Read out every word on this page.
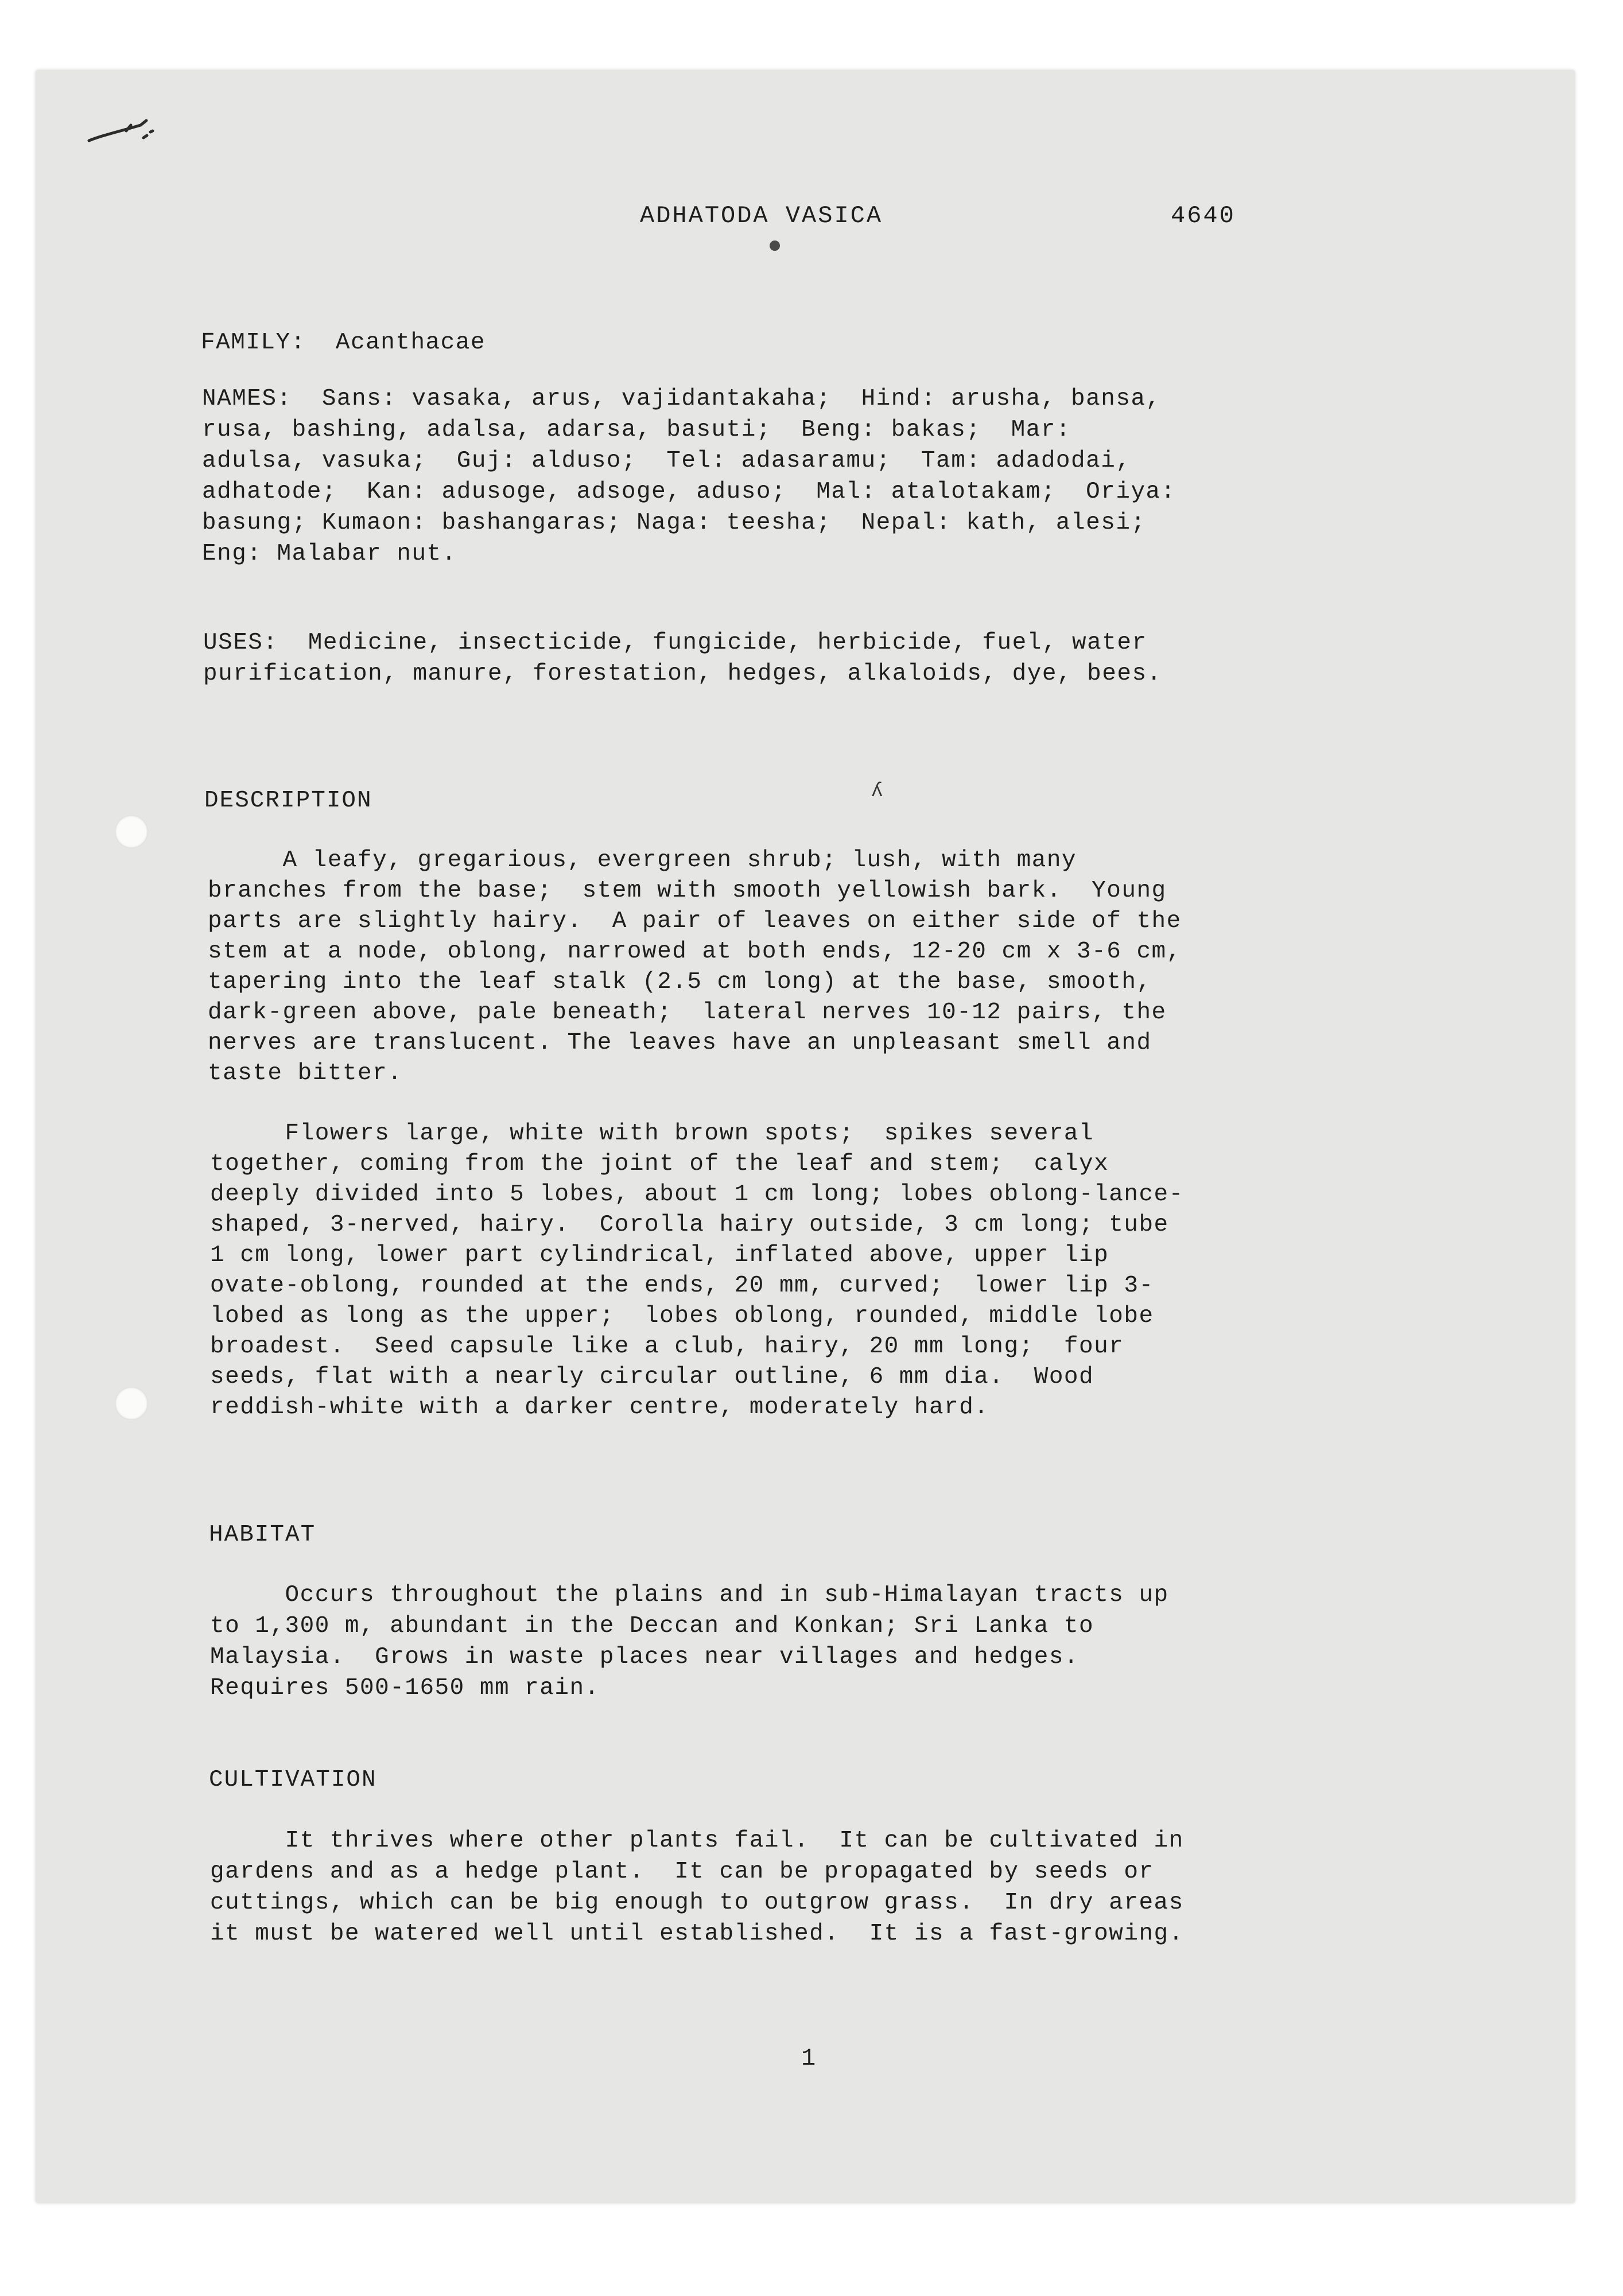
ADHATODA VASICA	4640

FAMILY:  Acanthacae

NAMES:  Sans: vasaka, arus, vajidantakaha;  Hind: arusha, bansa,

rusa, bashing, adalsa, adarsa, basuti;  Beng: bakas;  Mar:

adulsa, vasuka;  Guj: alduso;  Tel: adasaramu;  Tam: adadodai,

adhatode;  Kan: adusoge, adsoge, aduso;  Mal: atalotakam;  Oriya:

basung; Kumaon: bashangaras; Naga: teesha;  Nepal: kath, alesi;

Eng: Malabar nut.

USES:  Medicine, insecticide, fungicide, herbicide, fuel, water

purification, manure, forestation, hedges, alkaloids, dye, bees.

DESCRIPTION	ʎ

A leafy, gregarious, evergreen shrub; lush, with many

branches from the base;  stem with smooth yellowish bark.  Young

parts are slightly hairy.  A pair of leaves on either side of the

stem at a node, oblong, narrowed at both ends, 12-20 cm x 3-6 cm,

tapering into the leaf stalk (2.5 cm long) at the base, smooth,

dark-green above, pale beneath;  lateral nerves 10-12 pairs, the

nerves are translucent. The leaves have an unpleasant smell and

taste bitter.

Flowers large, white with brown spots;  spikes several

together, coming from the joint of the leaf and stem;  calyx

deeply divided into 5 lobes, about 1 cm long; lobes oblong-lance-

shaped, 3-nerved, hairy.  Corolla hairy outside, 3 cm long; tube

1 cm long, lower part cylindrical, inflated above, upper lip

ovate-oblong, rounded at the ends, 20 mm, curved;  lower lip 3-

lobed as long as the upper;  lobes oblong, rounded, middle lobe

broadest.  Seed capsule like a club, hairy, 20 mm long;  four

seeds, flat with a nearly circular outline, 6 mm dia.  Wood

reddish-white with a darker centre, moderately hard.

HABITAT

Occurs throughout the plains and in sub-Himalayan tracts up

to 1,300 m, abundant in the Deccan and Konkan; Sri Lanka to

Malaysia.  Grows in waste places near villages and hedges.

Requires 500-1650 mm rain.

CULTIVATION

It thrives where other plants fail.  It can be cultivated in

gardens and as a hedge plant.  It can be propagated by seeds or

cuttings, which can be big enough to outgrow grass.  In dry areas

it must be watered well until established.  It is a fast-growing.

1
